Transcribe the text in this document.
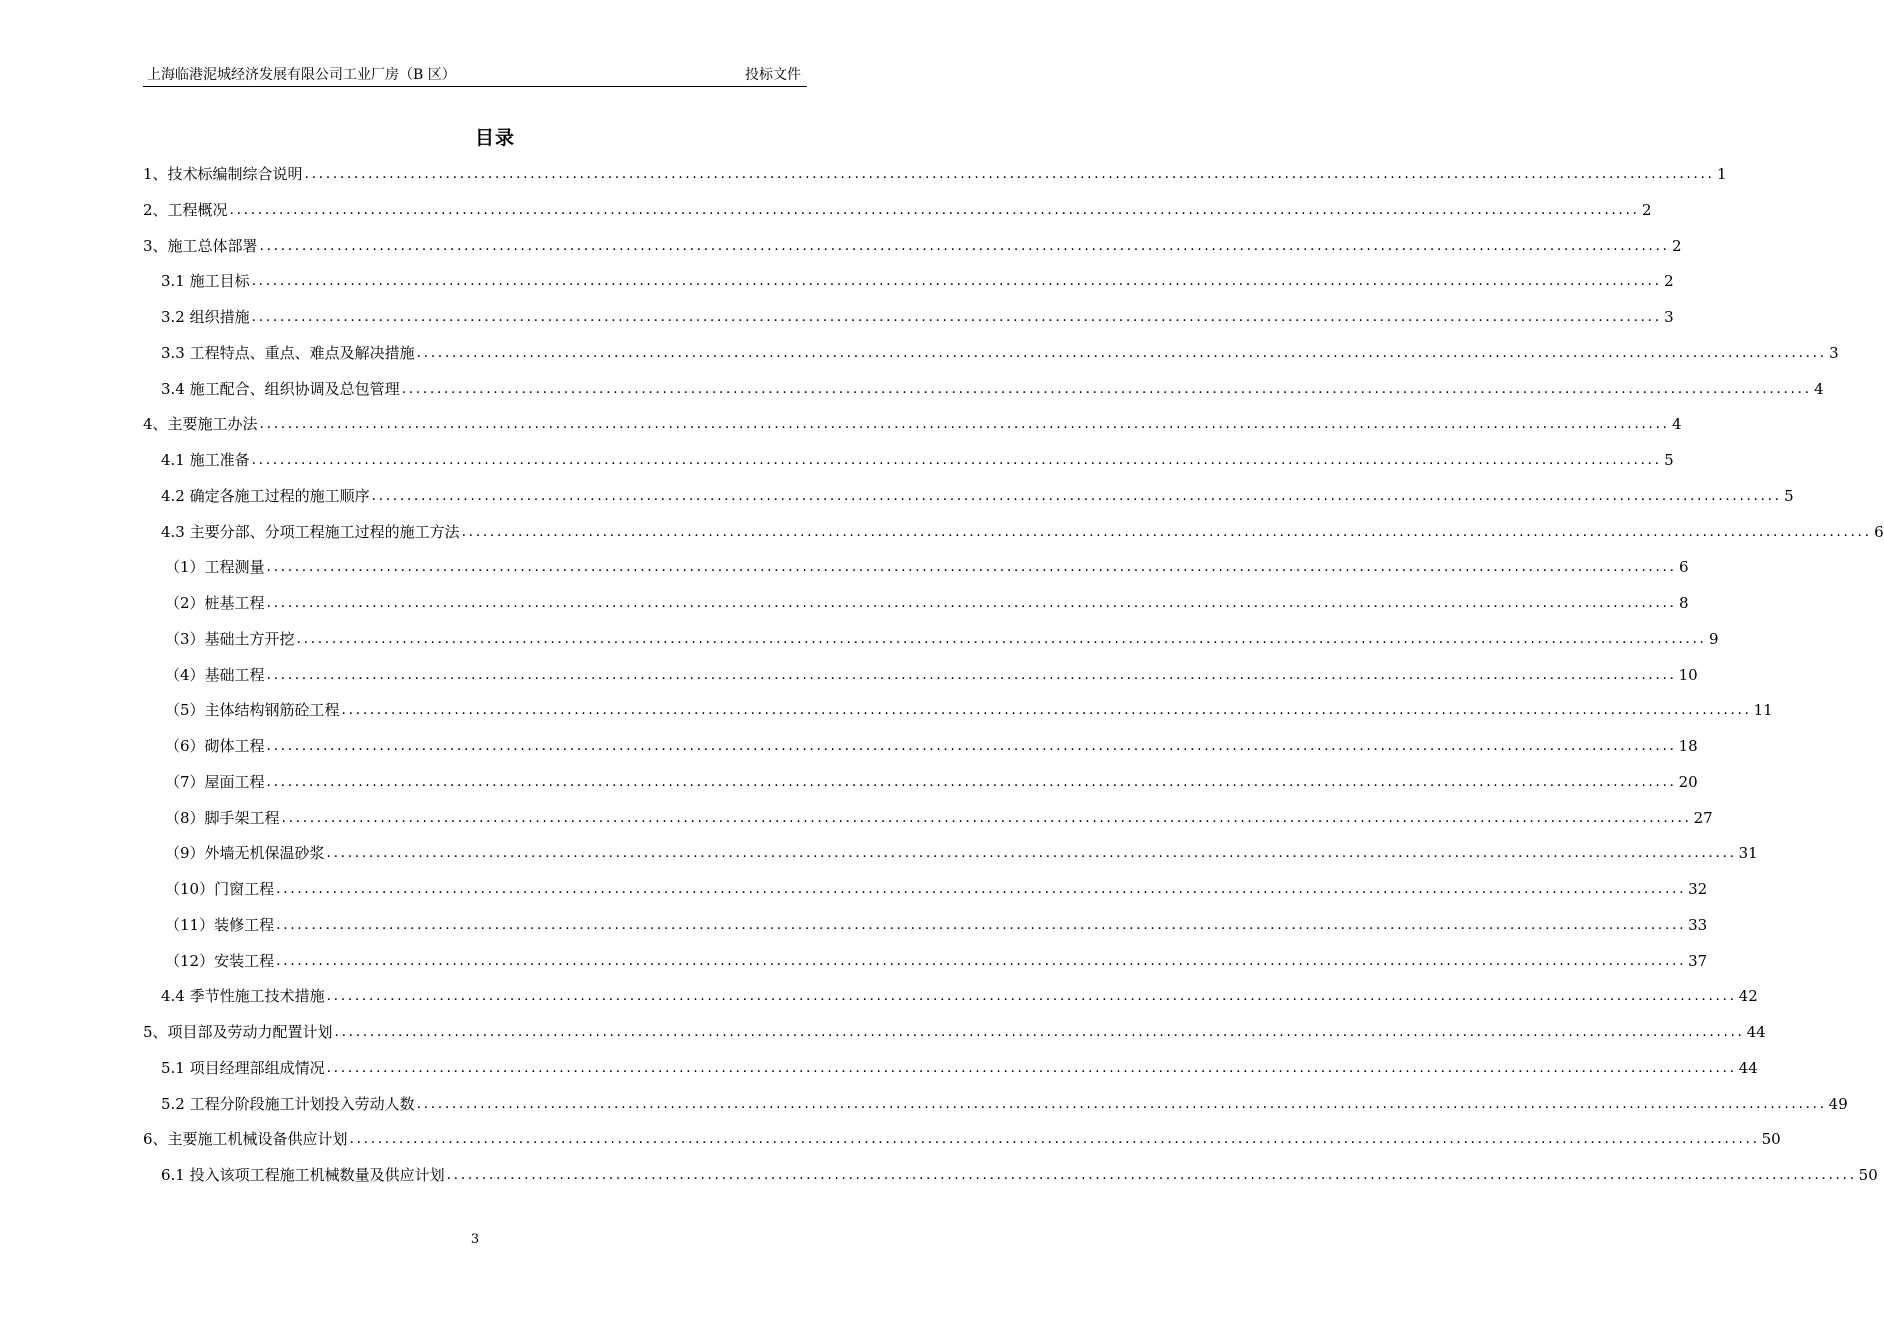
上海临港泥城经济发展有限公司工业厂房（B 区）	投标文件
目录
1、技术标编制综合说明 ........................................................................................................................................................................................................ 1
2、工程概况 ........................................................................................................................................................................................................ 2
3、施工总体部署 ........................................................................................................................................................................................................ 2
3.1 施工目标 ........................................................................................................................................................................................................ 2
3.2 组织措施 ........................................................................................................................................................................................................ 3
3.3 工程特点、重点、难点及解决措施 ........................................................................................................................................................................................................ 3
3.4 施工配合、组织协调及总包管理 ........................................................................................................................................................................................................ 4
4、主要施工办法 ........................................................................................................................................................................................................ 4
4.1 施工准备 ........................................................................................................................................................................................................ 5
4.2 确定各施工过程的施工顺序 ........................................................................................................................................................................................................ 5
4.3 主要分部、分项工程施工过程的施工方法 ........................................................................................................................................................................................................ 6
（1）工程测量 ........................................................................................................................................................................................................ 6
（2）桩基工程 ........................................................................................................................................................................................................ 8
（3）基础土方开挖 ........................................................................................................................................................................................................ 9
（4）基础工程 ........................................................................................................................................................................................................ 10
（5）主体结构钢筋砼工程 ........................................................................................................................................................................................................ 11
（6）砌体工程 ........................................................................................................................................................................................................ 18
（7）屋面工程 ........................................................................................................................................................................................................ 20
（8）脚手架工程 ........................................................................................................................................................................................................ 27
（9）外墙无机保温砂浆 ........................................................................................................................................................................................................ 31
（10）门窗工程 ........................................................................................................................................................................................................ 32
（11）装修工程 ........................................................................................................................................................................................................ 33
（12）安装工程 ........................................................................................................................................................................................................ 37
4.4 季节性施工技术措施 ........................................................................................................................................................................................................ 42
5、项目部及劳动力配置计划 ........................................................................................................................................................................................................ 44
5.1 项目经理部组成情况 ........................................................................................................................................................................................................ 44
5.2 工程分阶段施工计划投入劳动人数 ........................................................................................................................................................................................................ 49
6、主要施工机械设备供应计划 ........................................................................................................................................................................................................ 50
6.1 投入该项工程施工机械数量及供应计划 ........................................................................................................................................................................................................ 50
3
